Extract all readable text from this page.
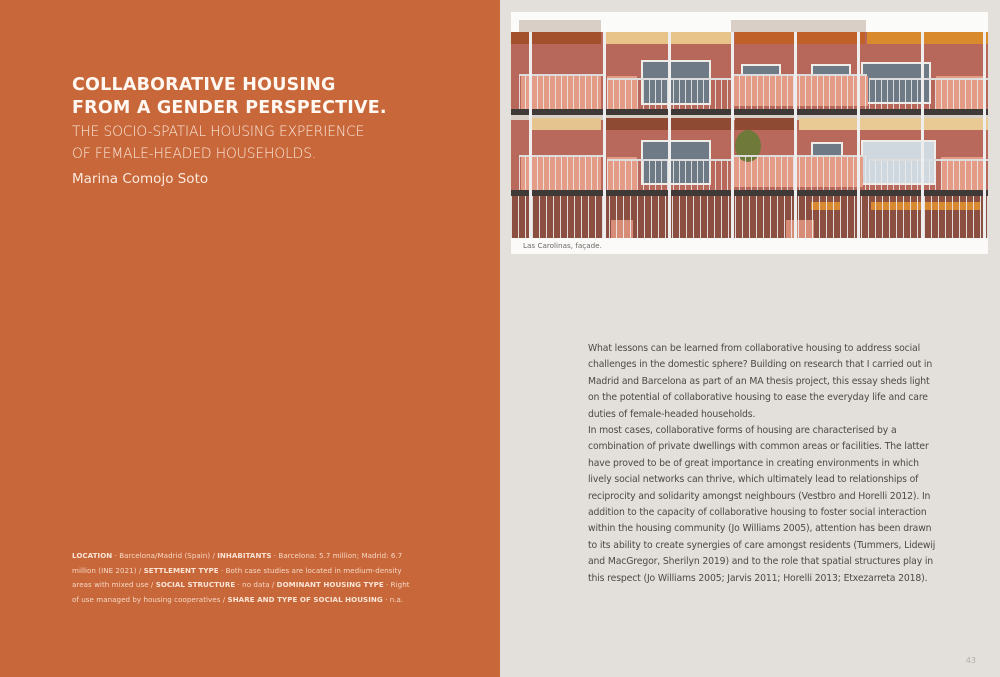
COLLABORATIVE HOUSING
FROM A GENDER PERSPECTIVE.
THE SOCIO-SPATIAL HOUSING EXPERIENCE
OF FEMALE-HEADED HOUSEHOLDS.
Marina Comojo Soto
LOCATION · Barcelona/Madrid (Spain) / INHABITANTS · Barcelona: 5.7 million; Madrid: 6.7 million (INE 2021) / SETTLEMENT TYPE · Both case studies are located in medium-density areas with mixed use / SOCIAL STRUCTURE · no data / DOMINANT HOUSING TYPE · Right of use managed by housing cooperatives / SHARE AND TYPE OF SOCIAL HOUSING · n.a.
Las Carolinas, façade.

What lessons can be learned from collaborative housing to address social challenges in the domestic sphere? Building on research that I carried out in Madrid and Barcelona as part of an MA thesis project, this essay sheds light on the potential of collaborative housing to ease the everyday life and care duties of female-headed households.

In most cases, collaborative forms of housing are characterised by a combination of private dwellings with common areas or facilities. The latter have proved to be of great importance in creating environments in which lively social networks can thrive, which ultimately lead to relationships of reciprocity and solidarity amongst neighbours (Vestbro and Horelli 2012). In addition to the capacity of collaborative housing to foster social interaction within the housing community (Jo Williams 2005), attention has been drawn to its ability to create synergies of care amongst residents (Tummers, Lidewij and MacGregor, Sherilyn 2019) and to the role that spatial structures play in this respect (Jo Williams 2005; Jarvis 2011; Horelli 2013; Etxezarreta 2018).

43
